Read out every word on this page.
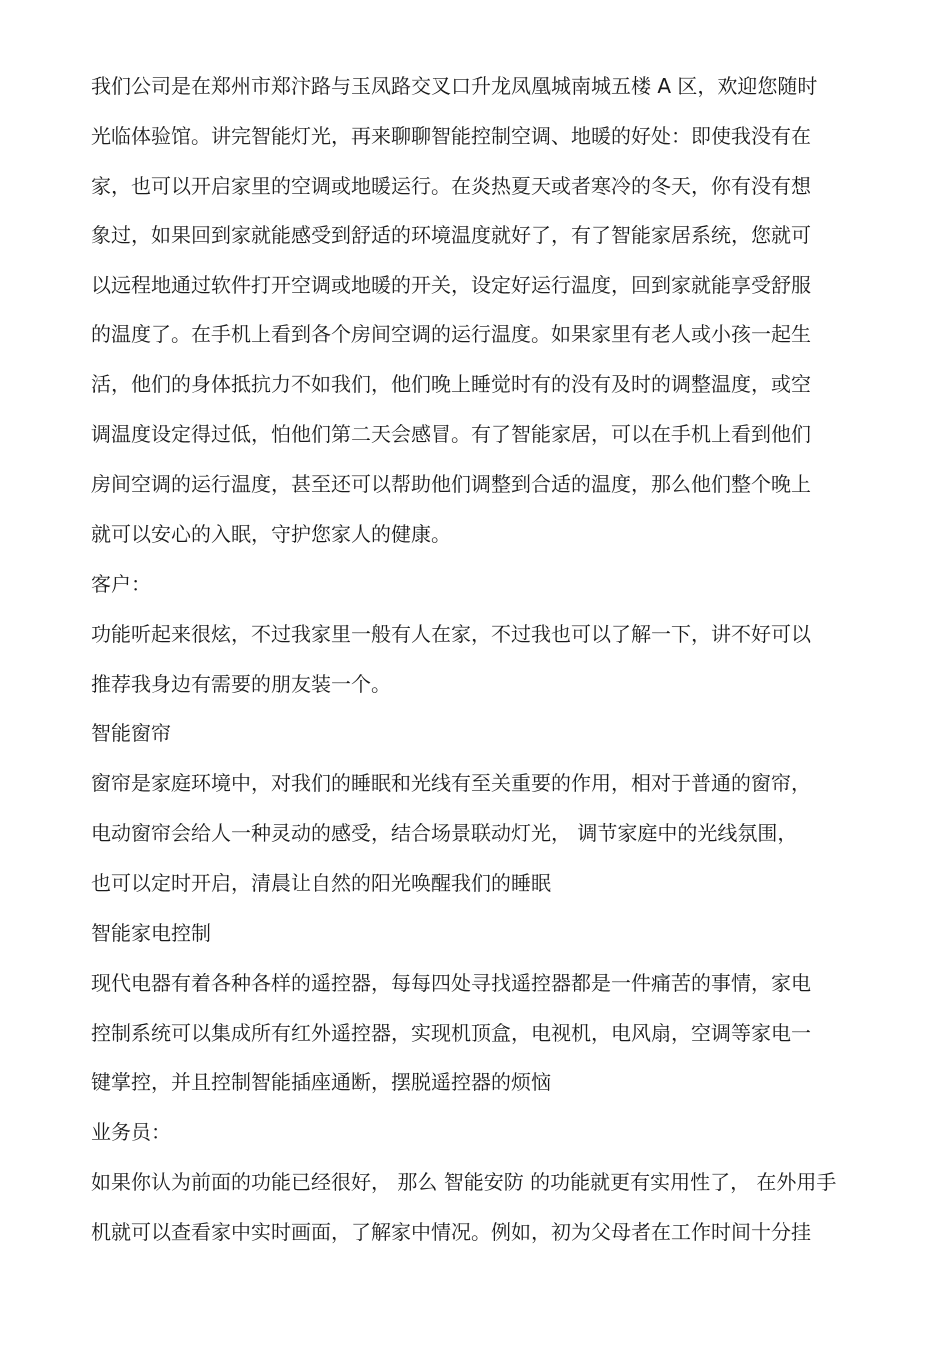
我们公司是在郑州市郑汴路与玉凤路交叉口升龙凤凰城南城五楼 A 区，欢迎您随时
光临体验馆。讲完智能灯光，再来聊聊智能控制空调、地暖的好处：即使我没有在
家，也可以开启家里的空调或地暖运行。在炎热夏天或者寒冷的冬天，你有没有想
象过，如果回到家就能感受到舒适的环境温度就好了，有了智能家居系统，您就可
以远程地通过软件打开空调或地暖的开关，设定好运行温度，回到家就能享受舒服
的温度了。在手机上看到各个房间空调的运行温度。如果家里有老人或小孩一起生
活，他们的身体抵抗力不如我们，他们晚上睡觉时有的没有及时的调整温度，或空
调温度设定得过低，怕他们第二天会感冒。有了智能家居，可以在手机上看到他们
房间空调的运行温度，甚至还可以帮助他们调整到合适的温度，那么他们整个晚上
就可以安心的入眠，守护您家人的健康。
客户：
功能听起来很炫，不过我家里一般有人在家，不过我也可以了解一下，讲不好可以
推荐我身边有需要的朋友装一个。
智能窗帘
窗帘是家庭环境中，对我们的睡眠和光线有至关重要的作用，相对于普通的窗帘，
电动窗帘会给人一种灵动的感受，结合场景联动灯光， 调节家庭中的光线氛围，
也可以定时开启，清晨让自然的阳光唤醒我们的睡眠
智能家电控制
现代电器有着各种各样的遥控器，每每四处寻找遥控器都是一件痛苦的事情，家电
控制系统可以集成所有红外遥控器，实现机顶盒，电视机，电风扇，空调等家电一
键掌控，并且控制智能插座通断，摆脱遥控器的烦恼
业务员：
如果你认为前面的功能已经很好， 那么 智能安防 的功能就更有实用性了， 在外用手
机就可以查看家中实时画面，了解家中情况。例如，初为父母者在工作时间十分挂
